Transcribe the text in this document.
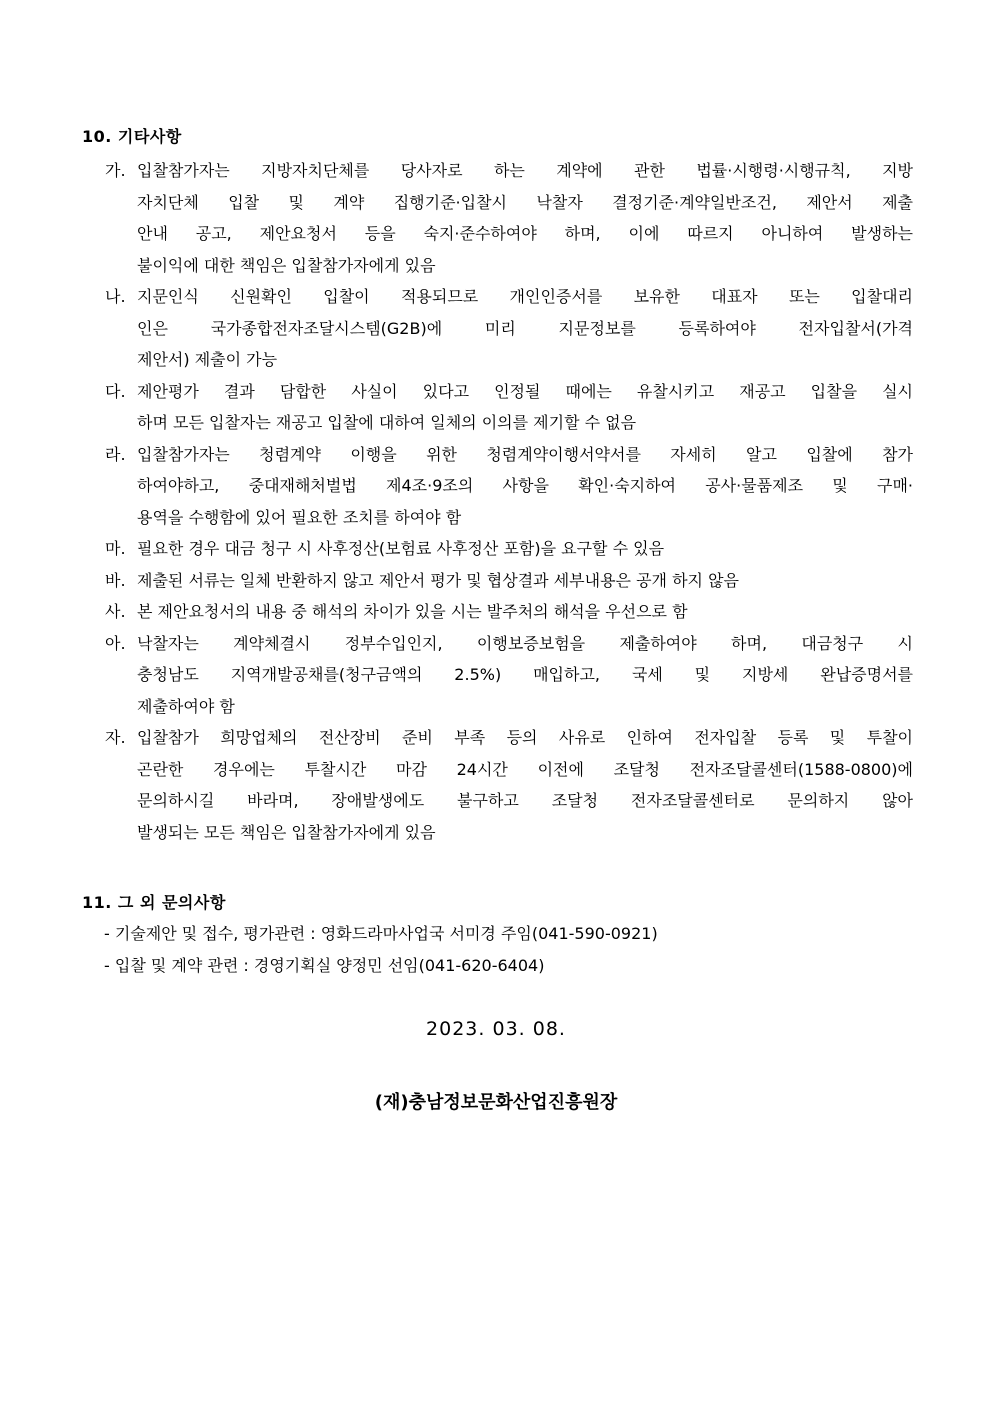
10. 기타사항
가. 입찰참가자는 지방자치단체를 당사자로 하는 계약에 관한 법률·시행령·시행규칙, 지방
자치단체 입찰 및 계약 집행기준·입찰시 낙찰자 결정기준·계약일반조건, 제안서 제출
안내 공고, 제안요청서 등을 숙지·준수하여야 하며, 이에 따르지 아니하여 발생하는
불이익에 대한 책임은 입찰참가자에게 있음
나. 지문인식 신원확인 입찰이 적용되므로 개인인증서를 보유한 대표자 또는 입찰대리
인은 국가종합전자조달시스템(G2B)에 미리 지문정보를 등록하여야 전자입찰서(가격
제안서) 제출이 가능
다. 제안평가 결과 담합한 사실이 있다고 인정될 때에는 유찰시키고 재공고 입찰을 실시
하며 모든 입찰자는 재공고 입찰에 대하여 일체의 이의를 제기할 수 없음
라. 입찰참가자는 청렴계약 이행을 위한 청렴계약이행서약서를 자세히 알고 입찰에 참가
하여야하고, 중대재해처벌법 제4조·9조의 사항을 확인·숙지하여 공사·물품제조 및 구매·
용역을 수행함에 있어 필요한 조치를 하여야 함
마. 필요한 경우 대금 청구 시 사후정산(보험료 사후정산 포함)을 요구할 수 있음
바. 제출된 서류는 일체 반환하지 않고 제안서 평가 및 협상결과 세부내용은 공개 하지 않음
사. 본 제안요청서의 내용 중 해석의 차이가 있을 시는 발주처의 해석을 우선으로 함
아. 낙찰자는 계약체결시 정부수입인지, 이행보증보험을 제출하여야 하며, 대금청구 시
충청남도 지역개발공채를(청구금액의 2.5%) 매입하고, 국세 및 지방세 완납증명서를
제출하여야 함
자. 입찰참가 희망업체의 전산장비 준비 부족 등의 사유로 인하여 전자입찰 등록 및 투찰이
곤란한 경우에는 투찰시간 마감 24시간 이전에 조달청 전자조달콜센터(1588-0800)에
문의하시길 바라며, 장애발생에도 불구하고 조달청 전자조달콜센터로 문의하지 않아
발생되는 모든 책임은 입찰참가자에게 있음
11. 그 외 문의사항
- 기술제안 및 접수, 평가관련 : 영화드라마사업국 서미경 주임(041-590-0921)
- 입찰 및 계약 관련 : 경영기획실 양정민 선임(041-620-6404)
2023. 03. 08.
(재)충남정보문화산업진흥원장
